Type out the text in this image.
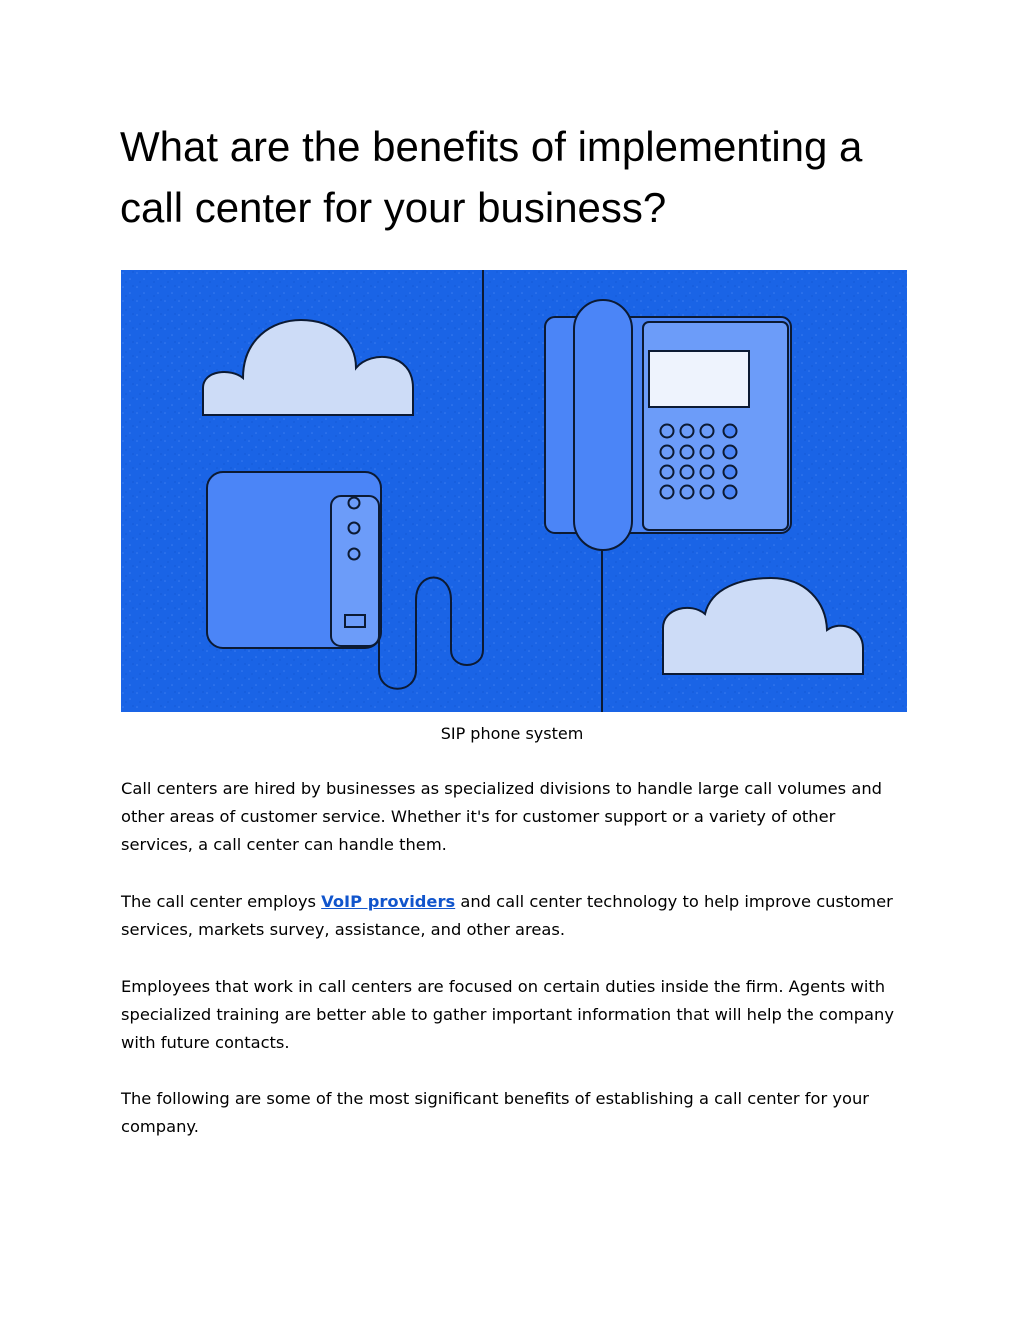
What are the benefits of implementing a call center for your business?
SIP phone system

Call centers are hired by businesses as specialized divisions to handle large call volumes and other areas of customer service. Whether it's for customer support or a variety of other services, a call center can handle them.

The call center employs VoIP providers and call center technology to help improve customer services, markets survey, assistance, and other areas.

Employees that work in call centers are focused on certain duties inside the firm. Agents with specialized training are better able to gather important information that will help the company with future contacts.

The following are some of the most significant benefits of establishing a call center for your company.
